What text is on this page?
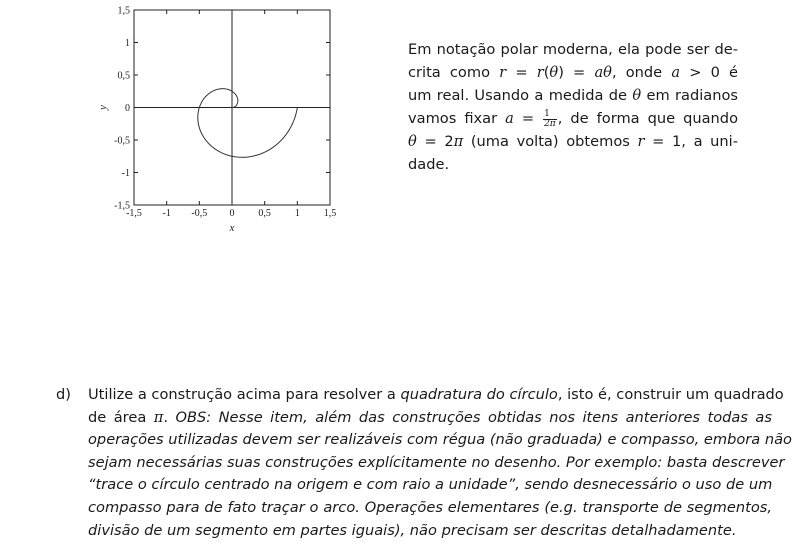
-1,5 -1 -0,5 0 0,5 1 1,5
1,5
1
0,5
0
-0,5
-1
-1,5
x
y
Em notação polar moderna, ela pode ser de-
crita como r = r(θ) = aθ, onde a > 0 é
um real. Usando a medida de θ em radianos
vamos fixar $a = \frac{1}{2\pi}$ , de forma que quando
θ = 2π (uma volta) obtemos r = 1, a uni-
dade.
d) Utilize a construção acima para resolver a quadratura do círculo, isto é, construir um quadrado
de área π. OBS: Nesse item, além das construções obtidas nos itens anteriores todas as
operações utilizadas devem ser realizáveis com régua (não graduada) e compasso, embora não
sejam necessárias suas construções explícitamente no desenho. Por exemplo: basta descrever
“trace o círculo centrado na origem e com raio a unidade”, sendo desnecessário o uso de um
compasso para de fato traçar o arco. Operações elementares (e.g. transporte de segmentos,
divisão de um segmento em partes iguais), não precisam ser descritas detalhadamente.
